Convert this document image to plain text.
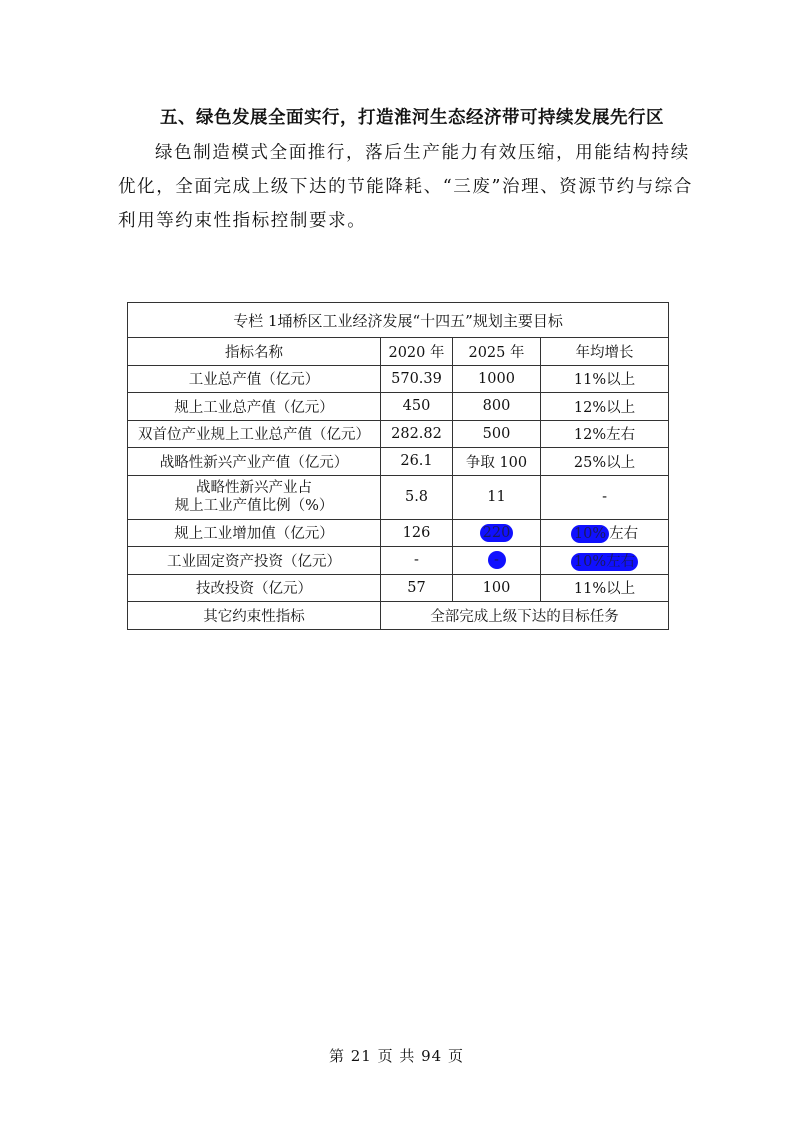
五、绿色发展全面实行，打造淮河生态经济带可持续发展先行区
绿色制造模式全面推行，落后生产能力有效压缩，用能结构持续
优化，全面完成上级下达的节能降耗、“三废”治理、资源节约与综合
利用等约束性指标控制要求。
专栏 1埇桥区工业经济发展“十四五”规划主要目标			
指标名称	2020 年	2025 年	年均增长
工业总产值（亿元）	570.39	1000	11%以上
规上工业总产值（亿元）	450	800	12%以上
双首位产业规上工业总产值（亿元）	282.82	500	12%左右
战略性新兴产业产值（亿元）	26.1	争取 100	25%以上

战略性新兴产业占
规上工业产值比例（%）	5.8	11	-
规上工业增加值（亿元）	126	220	10% 左右
工业固定资产投资（亿元）	-	-	10%左右
技改投资（亿元）	57	100	11%以上
其它约束性指标	全部完成上级下达的目标任务		
第 21 页 共 94 页
